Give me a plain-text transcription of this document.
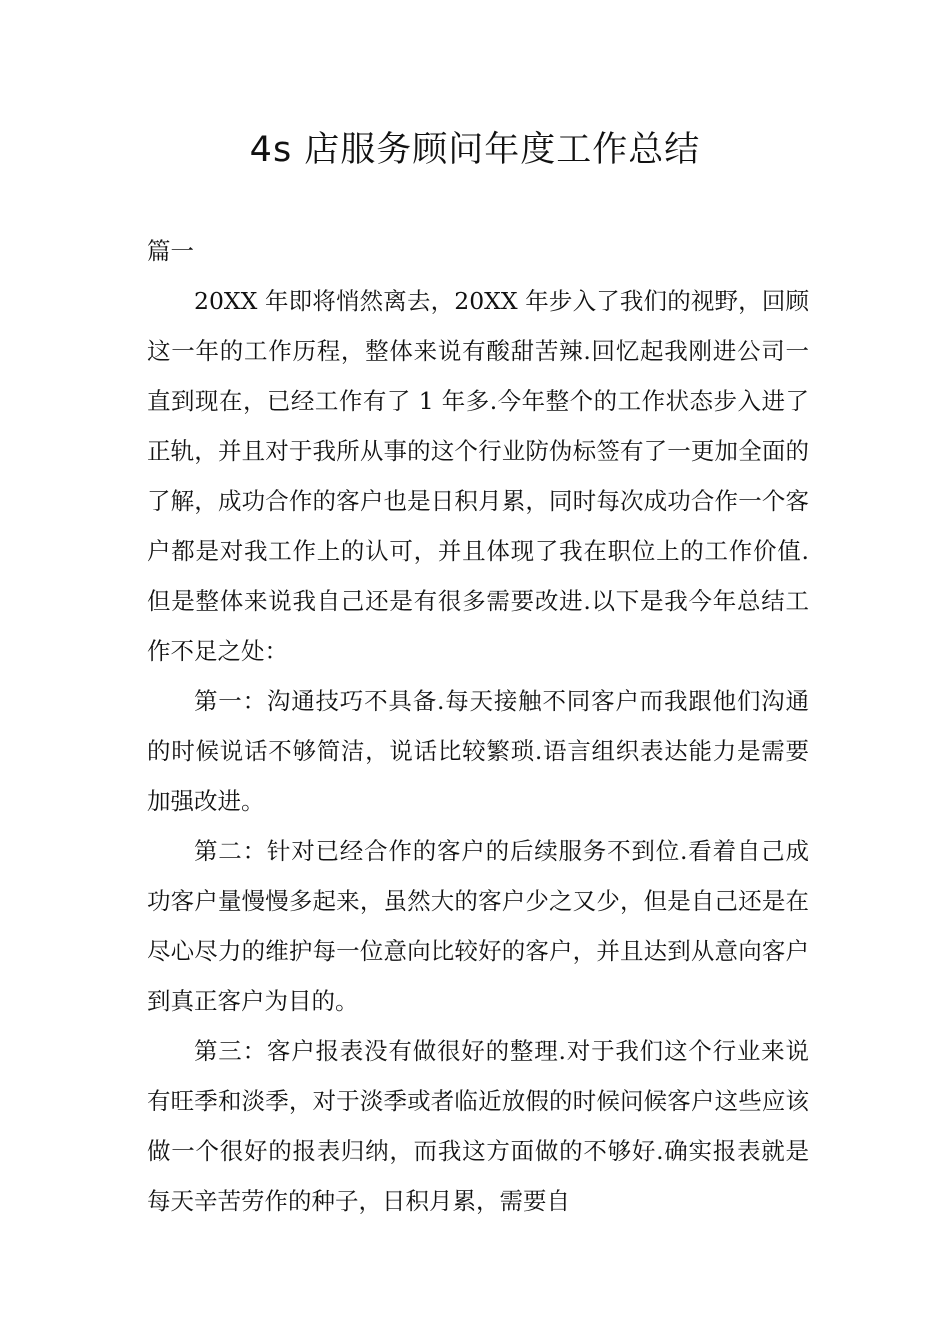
4s 店服务顾问年度工作总结

篇一

20XX 年即将悄然离去，20XX 年步入了我们的视野，回顾这一年的工作历程，整体来说有酸甜苦辣.回忆起我刚进公司一直到现在，已经工作有了 1 年多.今年整个的工作状态步入进了正轨，并且对于我所从事的这个行业防伪标签有了一更加全面的了解，成功合作的客户也是日积月累，同时每次成功合作一个客户都是对我工作上的认可，并且体现了我在职位上的工作价值.但是整体来说我自己还是有很多需要改进.以下是我今年总结工作不足之处：

第一：沟通技巧不具备.每天接触不同客户而我跟他们沟通的时候说话不够简洁，说话比较繁琐.语言组织表达能力是需要加强改进。

第二：针对已经合作的客户的后续服务不到位.看着自己成功客户量慢慢多起来，虽然大的客户少之又少，但是自己还是在尽心尽力的维护每一位意向比较好的客户，并且达到从意向客户到真正客户为目的。

第三：客户报表没有做很好的整理.对于我们这个行业来说有旺季和淡季，对于淡季或者临近放假的时候问候客户这些应该做一个很好的报表归纳，而我这方面做的不够好.确实报表就是每天辛苦劳作的种子，日积月累，需要自
